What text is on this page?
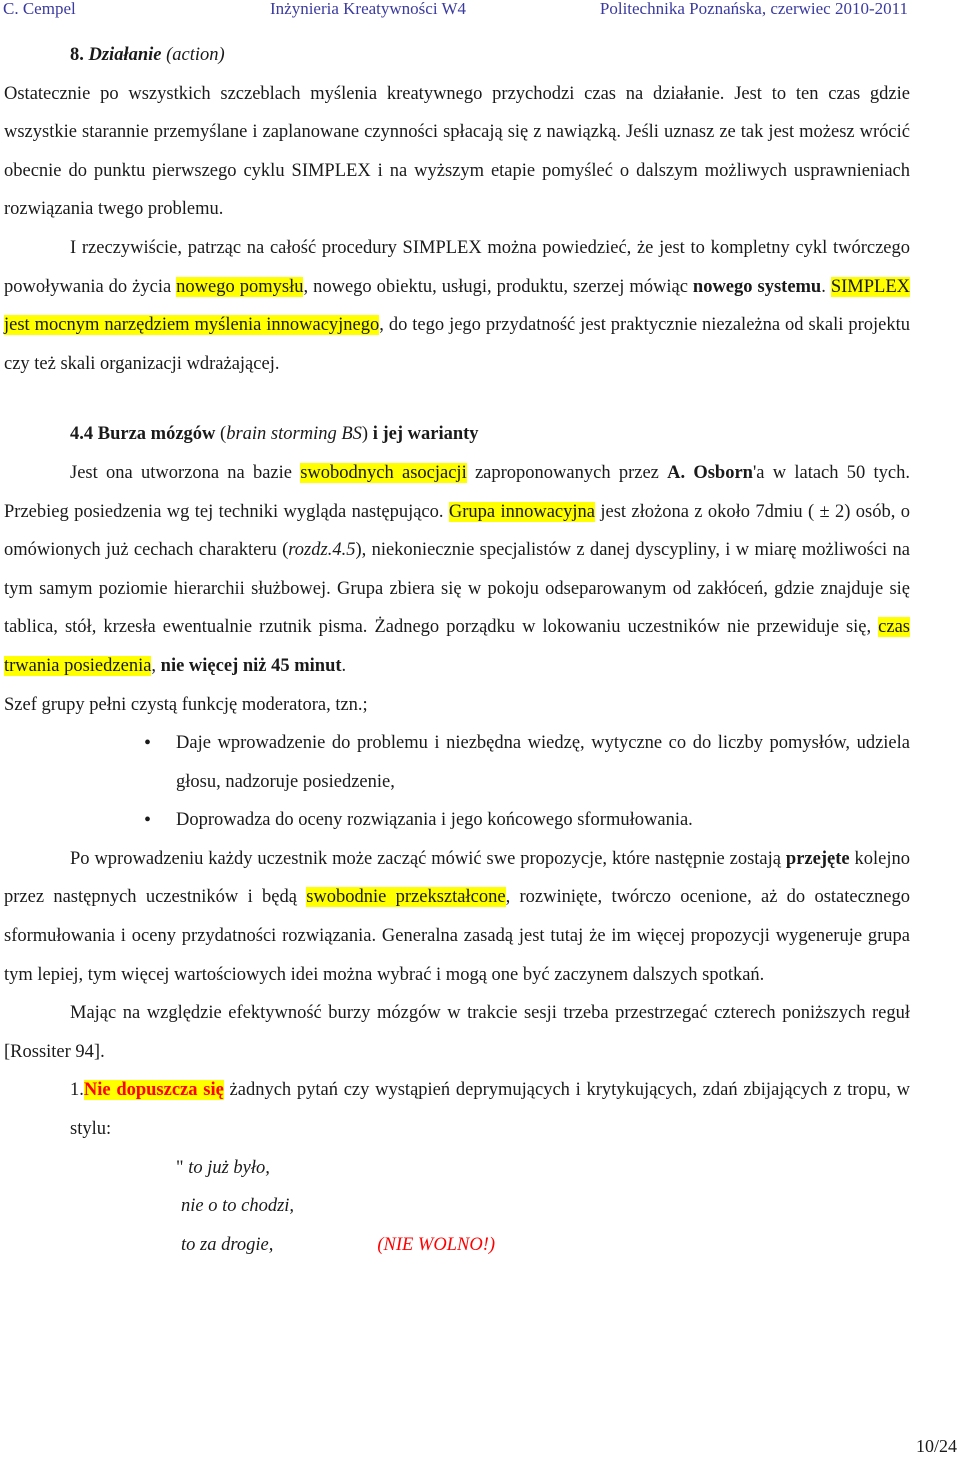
C. Cempel	Inżynieria Kreatywności W4	Politechnika Poznańska, czerwiec 2010-2011

8. Działanie (action)

Ostatecznie po wszystkich szczeblach myślenia kreatywnego przychodzi czas na działanie. Jest to ten czas gdzie wszystkie starannie przemyślane i zaplanowane czynności spłacają się z nawiązką. Jeśli uznasz ze tak jest możesz wrócić obecnie do punktu pierwszego cyklu SIMPLEX i na wyższym etapie pomyśleć o dalszym możliwych usprawnieniach rozwiązania twego problemu.

I rzeczywiście, patrząc na całość procedury SIMPLEX można powiedzieć, że jest to kompletny cykl twórczego powoływania do życia nowego pomysłu, nowego obiektu, usługi, produktu, szerzej mówiąc nowego systemu. SIMPLEX jest mocnym narzędziem myślenia innowacyjnego, do tego jego przydatność jest praktycznie niezależna od skali projektu czy też skali organizacji wdrażającej.

4.4 Burza mózgów (brain storming BS) i jej warianty

Jest ona utworzona na bazie swobodnych asocjacji zaproponowanych przez A. Osborn'a w latach 50 tych. Przebieg posiedzenia wg tej techniki wygląda następująco. Grupa innowacyjna jest złożona z około 7dmiu ( ± 2) osób, o omówionych już cechach charakteru (rozdz.4.5), niekoniecznie specjalistów z danej dyscypliny, i w miarę możliwości na tym samym poziomie hierarchii służbowej. Grupa zbiera się w pokoju odseparowanym od zakłóceń, gdzie znajduje się tablica, stół, krzesła ewentualnie rzutnik pisma. Żadnego porządku w lokowaniu uczestników nie przewiduje się, czas trwania posiedzenia, nie więcej niż 45 minut.

Szef grupy pełni czystą funkcję moderatora, tzn.;

• Daje wprowadzenie do problemu i niezbędna wiedzę, wytyczne co do liczby pomysłów, udziela głosu, nadzoruje posiedzenie,
• Doprowadza do oceny rozwiązania i jego końcowego sformułowania.

Po wprowadzeniu każdy uczestnik może zacząć mówić swe propozycje, które następnie zostają przejęte kolejno przez następnych uczestników i będą swobodnie przekształcone, rozwinięte, twórczo ocenione, aż do ostatecznego sformułowania i oceny przydatności rozwiązania. Generalna zasadą jest tutaj że im więcej propozycji wygeneruje grupa tym lepiej, tym więcej wartościowych idei można wybrać i mogą one być zaczynem dalszych spotkań.

Mając na względzie efektywność burzy mózgów w trakcie sesji trzeba przestrzegać czterech poniższych reguł [Rossiter 94].

1.Nie dopuszcza się żadnych pytań czy wystąpień deprymujących i krytykujących, zdań zbijających z tropu, w stylu:

" to już było,

nie o to chodzi,

to za drogie,	(NIE WOLNO!)

10/24
